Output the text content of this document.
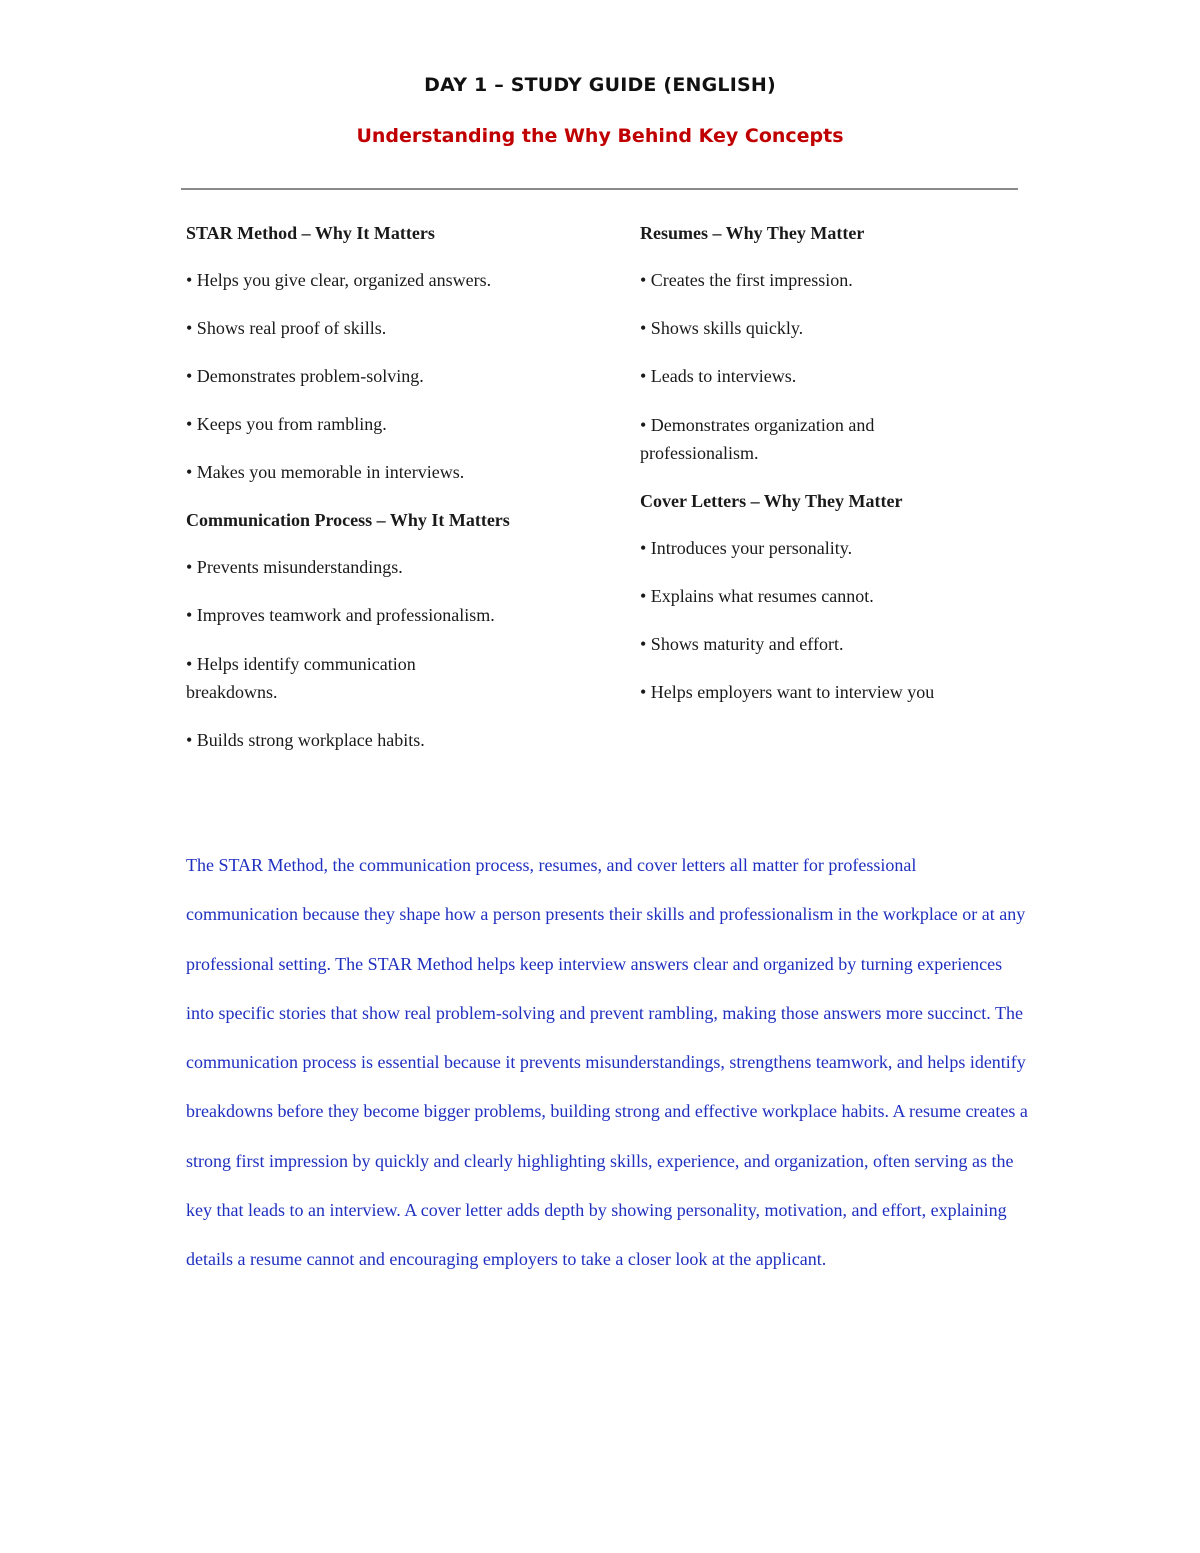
DAY 1 – STUDY GUIDE (ENGLISH)
Understanding the Why Behind Key Concepts
STAR Method – Why It Matters
• Helps you give clear, organized answers.
• Shows real proof of skills.
• Demonstrates problem-solving.
• Keeps you from rambling.
• Makes you memorable in interviews.
Communication Process – Why It Matters
• Prevents misunderstandings.
• Improves teamwork and professionalism.
• Helps identify communication breakdowns.
• Builds strong workplace habits.
Resumes – Why They Matter
• Creates the first impression.
• Shows skills quickly.
• Leads to interviews.
• Demonstrates organization and professionalism.
Cover Letters – Why They Matter
• Introduces your personality.
• Explains what resumes cannot.
• Shows maturity and effort.
• Helps employers want to interview you

The STAR Method, the communication process, resumes, and cover letters all matter for professional communication because they shape how a person presents their skills and professionalism in the workplace or at any professional setting. The STAR Method helps keep interview answers clear and organized by turning experiences into specific stories that show real problem-solving and prevent rambling, making those answers more succinct. The communication process is essential because it prevents misunderstandings, strengthens teamwork, and helps identify breakdowns before they become bigger problems, building strong and effective workplace habits. A resume creates a strong first impression by quickly and clearly highlighting skills, experience, and organization, often serving as the key that leads to an interview. A cover letter adds depth by showing personality, motivation, and effort, explaining details a resume cannot and encouraging employers to take a closer look at the applicant.
